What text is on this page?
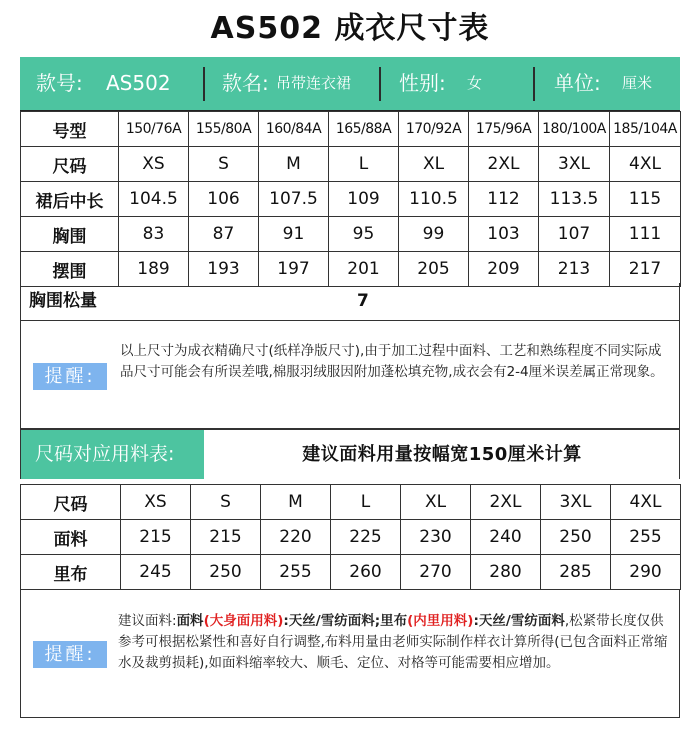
AS502 成衣尺寸表
款号: AS502	款名: 吊带连衣裙 性别: 女	单位: 厘米
号型	150/76A	155/80A	160/84A	165/88A	170/92A	175/96A	180/100A	185/104A
尺码	XS	S	M	L	XL	2XL	3XL	4XL
裙后中长	104.5	106	107.5	109	110.5	112	113.5	115
胸围	83	87	91	95	99	103	107	111
摆围	189	193	197	201	205	209	213	217
胸围松量	7
提醒:
以上尺寸为成衣精确尺寸(纸样净版尺寸),由于加工过程中面料、工艺和熟练程度不同实际成品尺寸可能会有所误差哦,棉服羽绒服因附加蓬松填充物,成衣会有2-4厘米误差属正常现象。
尺码对应用料表:	建议面料用量按幅宽150厘米计算
尺码	XS	S	M	L	XL	2XL	3XL	4XL
面料	215	215	220	225	230	240	250	255
里布	245	250	255	260	270	280	285	290
提醒:
建议面料:面料(大身面用料):天丝/雪纺面料;里布(内里用料):天丝/雪纺面料,松紧带长度仅供参考可根据松紧性和喜好自行调整,布料用量由老师实际制作样衣计算所得(已包含面料正常缩水及裁剪损耗),如面料缩率较大、顺毛、定位、对格等可能需要相应增加。
